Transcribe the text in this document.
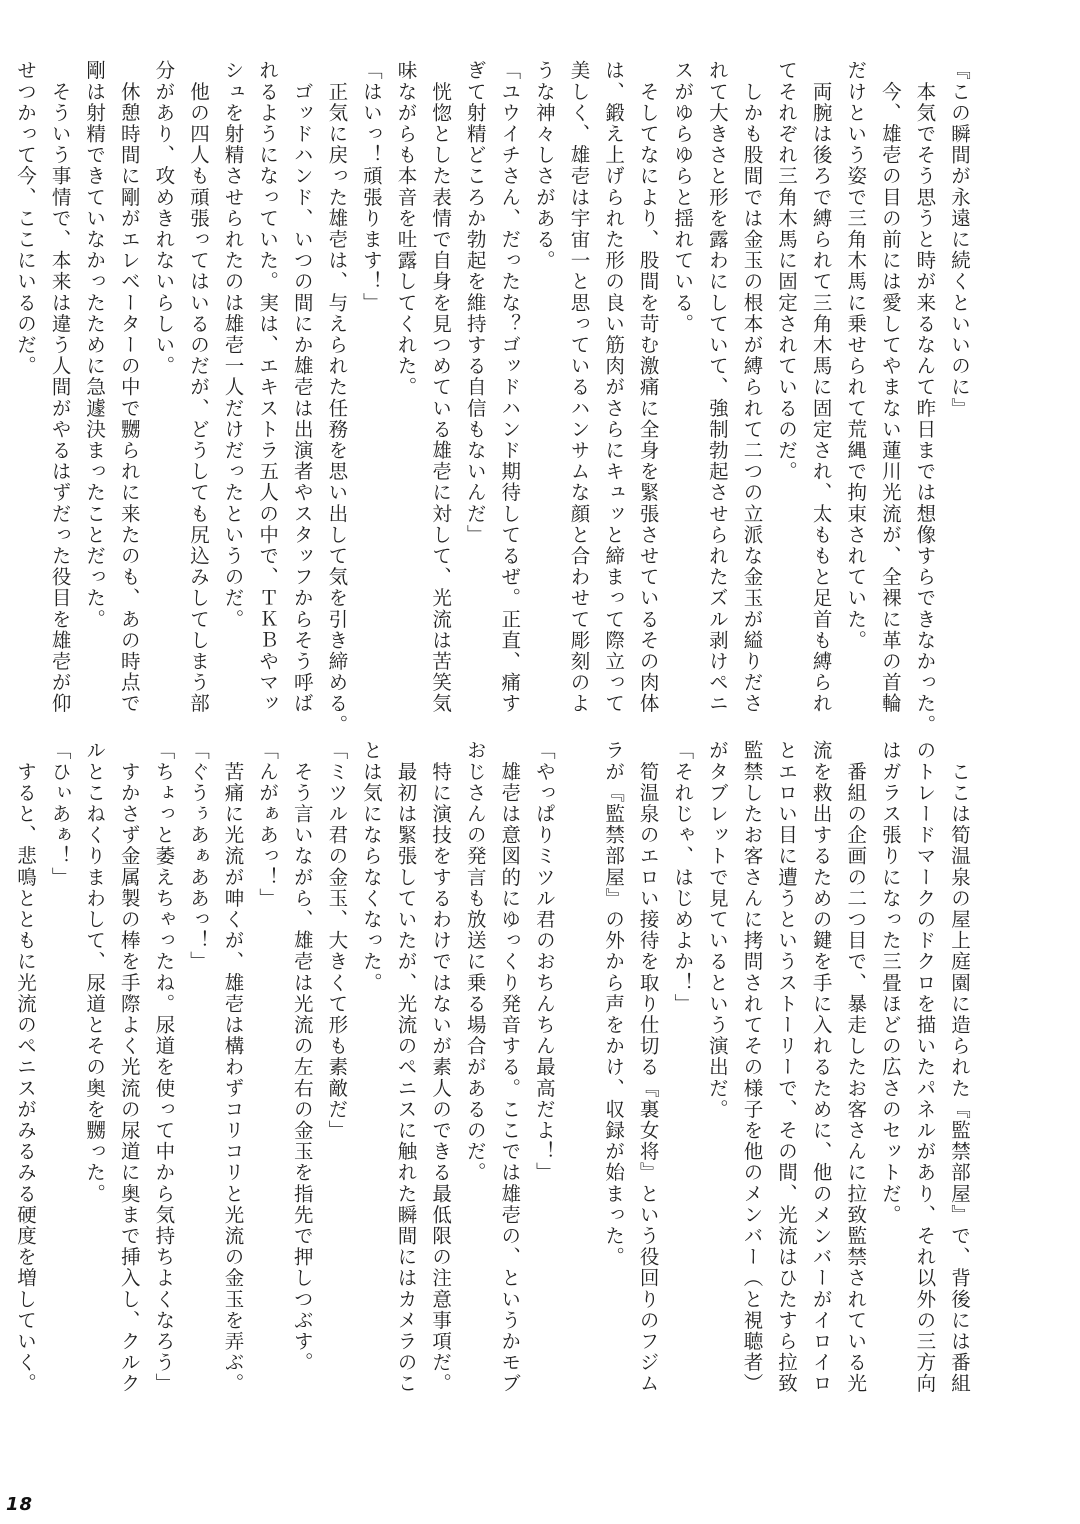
『この瞬間が永遠に続くといいのに』
　本気でそう思うと時が来るなんて昨日までは想像すらできなかった。
　今、雄壱の目の前には愛してやまない蓮川光流が、全裸に革の首輪
だけという姿で三角木馬に乗せられて荒縄で拘束されていた。
　両腕は後ろで縛られて三角木馬に固定され、太ももと足首も縛られ
てそれぞれ三角木馬に固定されているのだ。
　しかも股間では金玉の根本が縛られて二つの立派な金玉が縊りださ
れて大きさと形を露わにしていて、強制勃起させられたズル剥けペニ
スがゆらゆらと揺れている。
　そしてなにより、股間を苛む激痛に全身を緊張させているその肉体
は、鍛え上げられた形の良い筋肉がさらにキュッと締まって際立って
美しく、雄壱は宇宙一と思っているハンサムな顔と合わせて彫刻のよ
うな神々しさがある。
「ユウイチさん、だったな？ゴッドハンド期待してるぜ。正直、痛す
ぎて射精どころか勃起を維持する自信もないんだ」
　恍惚とした表情で自身を見つめている雄壱に対して、光流は苦笑気
味ながらも本音を吐露してくれた。
「はいっ！頑張ります！」
　正気に戻った雄壱は、与えられた任務を思い出して気を引き締める。
　ゴッドハンド、いつの間にか雄壱は出演者やスタッフからそう呼ば
れるようになっていた。実は、エキストラ五人の中で、ＴＫＢやマッ
シュを射精させられたのは雄壱一人だけだったというのだ。
　他の四人も頑張ってはいるのだが、どうしても尻込みしてしまう部
分があり、攻めきれないらしい。
　休憩時間に剛がエレベーターの中で嬲られに来たのも、あの時点で
剛は射精できていなかったために急遽決まったことだった。
　そういう事情で、本来は違う人間がやるはずだった役目を雄壱が仰
せつかって今、ここにいるのだ。
　ここは筍温泉の屋上庭園に造られた『監禁部屋』で、背後には番組
のトレードマークのドクロを描いたパネルがあり、それ以外の三方向
はガラス張りになった三畳ほどの広さのセットだ。
　番組の企画の二つ目で、暴走したお客さんに拉致監禁されている光
流を救出するための鍵を手に入れるために、他のメンバーがイロイロ
とエロい目に遭うというストーリーで、その間、光流はひたすら拉致
監禁したお客さんに拷問されてその様子を他のメンバー（と視聴者）
がタブレットで見ているという演出だ。
「それじゃ、はじめよか！」
　筍温泉のエロい接待を取り仕切る『裏女将』という役回りのフジム
ラが『監禁部屋』の外から声をかけ、収録が始まった。

「やっぱりミツル君のおちんちん最高だよ！」
　雄壱は意図的にゆっくり発音する。ここでは雄壱の、というかモブ
おじさんの発言も放送に乗る場合があるのだ。
　特に演技をするわけではないが素人のできる最低限の注意事項だ。
　最初は緊張していたが、光流のペニスに触れた瞬間にはカメラのこ
とは気にならなくなった。
「ミツル君の金玉、大きくて形も素敵だ」
　そう言いながら、雄壱は光流の左右の金玉を指先で押しつぶす。
「んがぁあっ！」
　苦痛に光流が呻くが、雄壱は構わずコリコリと光流の金玉を弄ぶ。
「ぐうぅあぁああっ！」
「ちょっと萎えちゃったね。尿道を使って中から気持ちよくなろう」
　すかさず金属製の棒を手際よく光流の尿道に奥まで挿入し、クルク
ルとこねくりまわして、尿道とその奥を嬲った。
「ひぃあぁ！」
　すると、悲鳴とともに光流のペニスがみるみる硬度を増していく。
18
